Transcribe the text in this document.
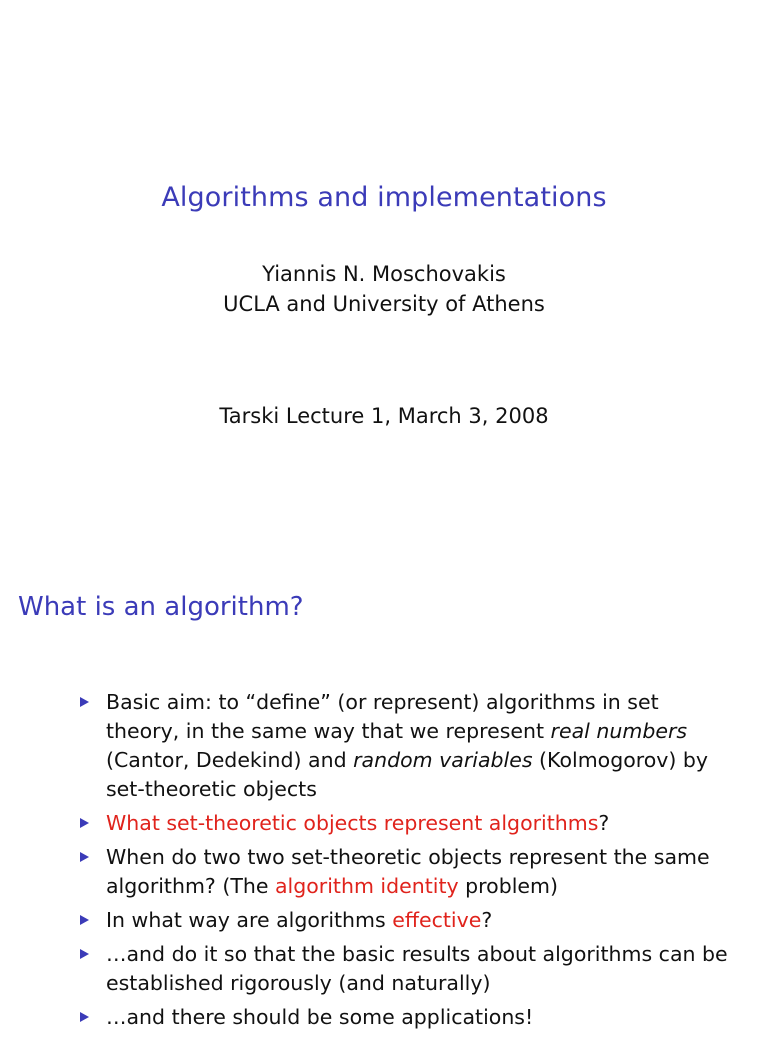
Algorithms and implementations
Yiannis N. Moschovakis
UCLA and University of Athens
Tarski Lecture 1, March 3, 2008
What is an algorithm?
Basic aim: to “define” (or represent) algorithms in set theory, in the same way that we represent real numbers (Cantor, Dedekind) and random variables (Kolmogorov) by set-theoretic objects
What set-theoretic objects represent algorithms?
When do two two set-theoretic objects represent the same algorithm? (The algorithm identity problem)
In what way are algorithms effective?
…and do it so that the basic results about algorithms can be established rigorously (and naturally)
…and there should be some applications!
